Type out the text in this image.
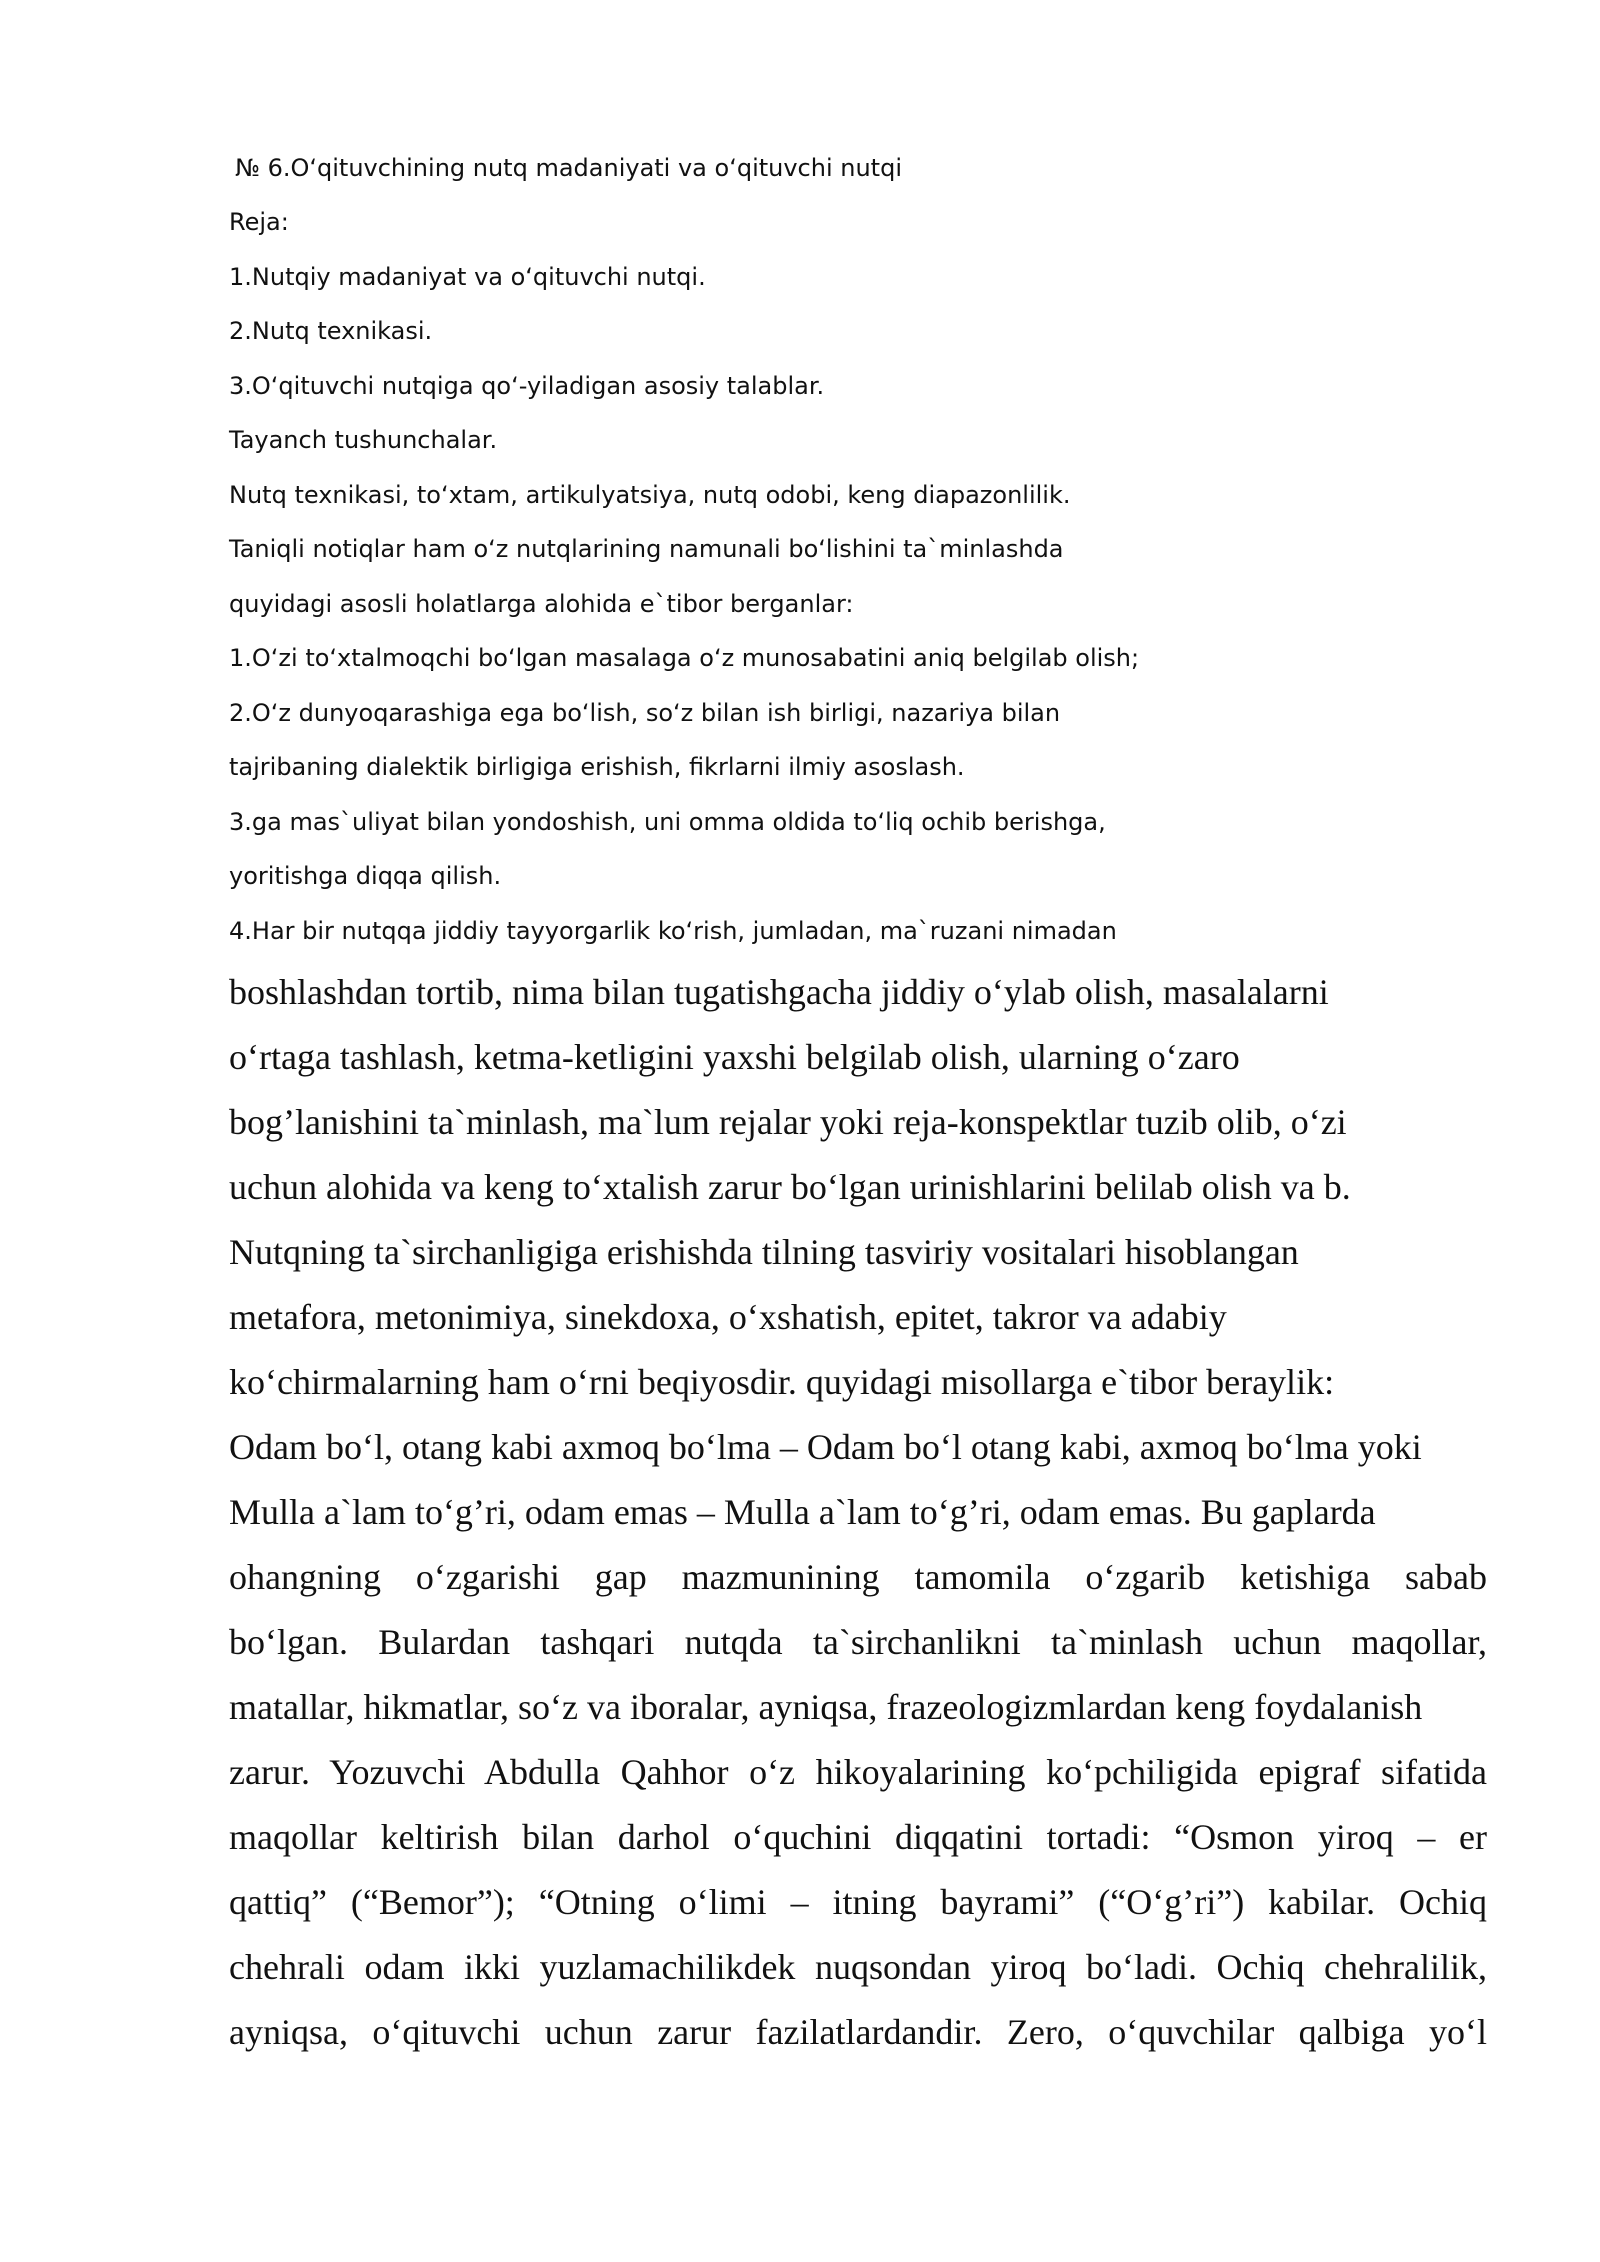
№ 6.O‘qituvchining nutq madaniyati va o‘qituvchi nutqi
Reja:
1.Nutqiy madaniyat va o‘qituvchi nutqi.
2.Nutq texnikasi.
3.O‘qituvchi nutqiga qo‘-yiladigan asosiy talablar.
Tayanch tushunchalar.
Nutq texnikasi, to‘xtam, artikulyatsiya, nutq odobi, keng diapazonlilik.
Taniqli notiqlar ham o‘z nutqlarining namunali bo‘lishini ta`minlashda
quyidagi asosli holatlarga alohida e`tibor berganlar:
1.O‘zi to‘xtalmoqchi bo‘lgan masalaga o‘z munosabatini aniq belgilab olish;
2.O‘z dunyoqarashiga ega bo‘lish, so‘z bilan ish birligi, nazariya bilan
tajribaning dialektik birligiga erishish, fikrlarni ilmiy asoslash.
3.ga mas`uliyat bilan yondoshish, uni omma oldida to‘liq ochib berishga,
yoritishga diqqa qilish.
4.Har bir nutqqa jiddiy tayyorgarlik ko‘rish, jumladan, ma`ruzani nimadan
boshlashdan tortib, nima bilan tugatishgacha jiddiy o‘ylab olish, masalalarni
o‘rtaga tashlash, ketma-ketligini yaxshi belgilab olish, ularning o‘zaro
bog’lanishini ta`minlash, ma`lum rejalar yoki reja-konspektlar tuzib olib, o‘zi
uchun alohida va keng to‘xtalish zarur bo‘lgan urinishlarini belilab olish va b.
Nutqning ta`sirchanligiga erishishda tilning tasviriy vositalari hisoblangan
metafora, metonimiya, sinekdoxa, o‘xshatish, epitet, takror va adabiy
ko‘chirmalarning ham o‘rni beqiyosdir. quyidagi misollarga e`tibor beraylik:
Odam bo‘l, otang kabi axmoq bo‘lma – Odam bo‘l otang kabi, axmoq bo‘lma yoki
Mulla a`lam to‘g’ri, odam emas – Mulla a`lam to‘g’ri, odam emas. Bu gaplarda
ohangning o‘zgarishi gap mazmunining tamomila o‘zgarib ketishiga sabab
bo‘lgan. Bulardan tashqari nutqda ta`sirchanlikni ta`minlash uchun maqollar,
matallar, hikmatlar, so‘z va iboralar, ayniqsa, frazeologizmlardan keng foydalanish
zarur. Yozuvchi Abdulla Qahhor o‘z hikoyalarining ko‘pchiligida epigraf sifatida
maqollar keltirish bilan darhol o‘quchini diqqatini tortadi: “Osmon yiroq – er
qattiq” (“Bemor”); “Otning o‘limi – itning bayrami” (“O‘g’ri”) kabilar. Ochiq
chehrali odam ikki yuzlamachilikdek nuqsondan yiroq bo‘ladi. Ochiq chehralilik,
ayniqsa, o‘qituvchi uchun zarur fazilatlardandir. Zero, o‘quvchilar qalbiga yo‘l
